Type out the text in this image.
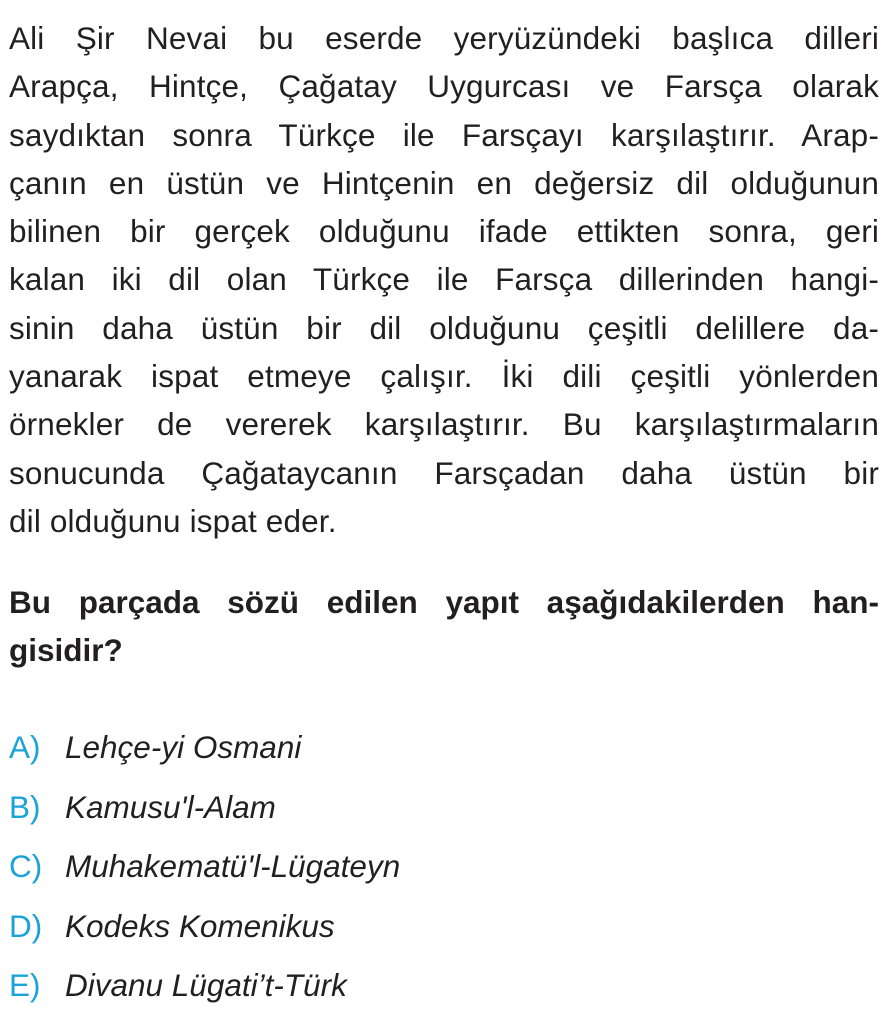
Ali Şir Nevai bu eserde yeryüzündeki başlıca dilleri
Arapça, Hintçe, Çağatay Uygurcası ve Farsça olarak
saydıktan sonra Türkçe ile Farsçayı karşılaştırır. Arap-
çanın en üstün ve Hintçenin en değersiz dil olduğunun
bilinen bir gerçek olduğunu ifade ettikten sonra, geri
kalan iki dil olan Türkçe ile Farsça dillerinden hangi-
sinin daha üstün bir dil olduğunu çeşitli delillere da-
yanarak ispat etmeye çalışır. İki dili çeşitli yönlerden
örnekler de vererek karşılaştırır. Bu karşılaştırmaların
sonucunda Çağataycanın Farsçadan daha üstün bir
dil olduğunu ispat eder.
Bu parçada sözü edilen yapıt aşağıdakilerden han-
gisidir?
A) Lehçe-yi Osmani
B) Kamusu'l-Alam
C) Muhakematü'l-Lügateyn
D) Kodeks Komenikus
E) Divanu Lügati’t-Türk
